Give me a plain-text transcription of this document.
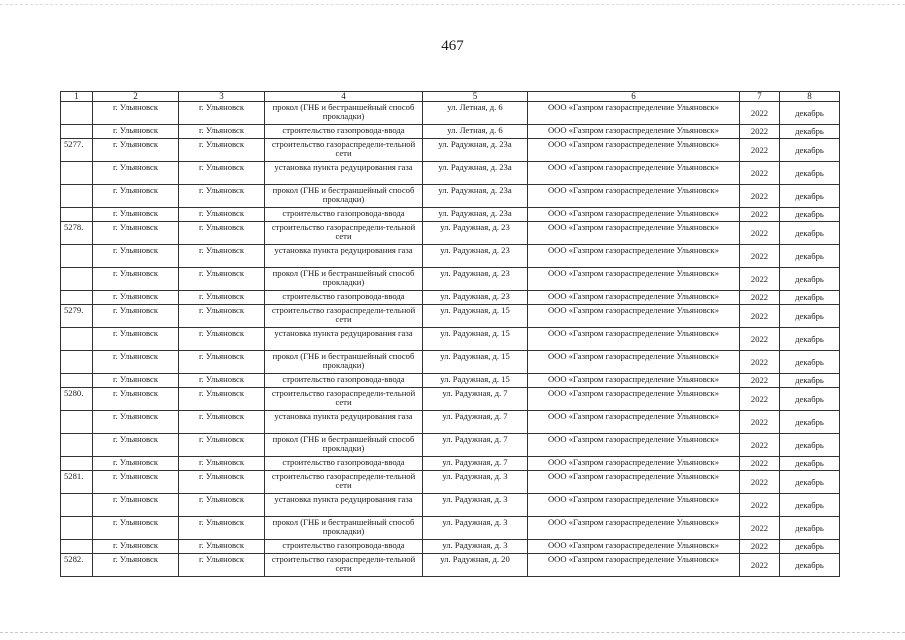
467
1	2	3	4	5	6	7	8
	г. Ульяновск	г. Ульяновск	прокол (ГНБ и бестраншейный способ прокладки)	ул. Летная, д. 6	ООО «Газпром газораспределение Ульяновск»	2022	декабрь
	г. Ульяновск	г. Ульяновск	строительство газопровода-ввода	ул. Летная, д. 6	ООО «Газпром газораспределение Ульяновск»	2022	декабрь
5277.	г. Ульяновск	г. Ульяновск	строительство газораспредели-тельной сети	ул. Радужная, д. 23а	ООО «Газпром газораспределение Ульяновск»	2022	декабрь
	г. Ульяновск	г. Ульяновск	установка пункта редуцирования газа	ул. Радужная, д. 23а	ООО «Газпром газораспределение Ульяновск»	2022	декабрь
	г. Ульяновск	г. Ульяновск	прокол (ГНБ и бестраншейный способ прокладки)	ул. Радужная, д. 23а	ООО «Газпром газораспределение Ульяновск»	2022	декабрь
	г. Ульяновск	г. Ульяновск	строительство газопровода-ввода	ул. Радужная, д. 23а	ООО «Газпром газораспределение Ульяновск»	2022	декабрь
5278.	г. Ульяновск	г. Ульяновск	строительство газораспредели-тельной сети	ул. Радужная, д. 23	ООО «Газпром газораспределение Ульяновск»	2022	декабрь
	г. Ульяновск	г. Ульяновск	установка пункта редуцирования газа	ул. Радужная, д. 23	ООО «Газпром газораспределение Ульяновск»	2022	декабрь
	г. Ульяновск	г. Ульяновск	прокол (ГНБ и бестраншейный способ прокладки)	ул. Радужная, д. 23	ООО «Газпром газораспределение Ульяновск»	2022	декабрь
	г. Ульяновск	г. Ульяновск	строительство газопровода-ввода	ул. Радужная, д. 23	ООО «Газпром газораспределение Ульяновск»	2022	декабрь
5279.	г. Ульяновск	г. Ульяновск	строительство газораспредели-тельной сети	ул. Радужная, д. 15	ООО «Газпром газораспределение Ульяновск»	2022	декабрь
	г. Ульяновск	г. Ульяновск	установка пункта редуцирования газа	ул. Радужная, д. 15	ООО «Газпром газораспределение Ульяновск»	2022	декабрь
	г. Ульяновск	г. Ульяновск	прокол (ГНБ и бестраншейный способ прокладки)	ул. Радужная, д. 15	ООО «Газпром газораспределение Ульяновск»	2022	декабрь
	г. Ульяновск	г. Ульяновск	строительство газопровода-ввода	ул. Радужная, д. 15	ООО «Газпром газораспределение Ульяновск»	2022	декабрь
5280.	г. Ульяновск	г. Ульяновск	строительство газораспредели-тельной сети	ул. Радужная, д. 7	ООО «Газпром газораспределение Ульяновск»	2022	декабрь
	г. Ульяновск	г. Ульяновск	установка пункта редуцирования газа	ул. Радужная, д. 7	ООО «Газпром газораспределение Ульяновск»	2022	декабрь
	г. Ульяновск	г. Ульяновск	прокол (ГНБ и бестраншейный способ прокладки)	ул. Радужная, д. 7	ООО «Газпром газораспределение Ульяновск»	2022	декабрь
	г. Ульяновск	г. Ульяновск	строительство газопровода-ввода	ул. Радужная, д. 7	ООО «Газпром газораспределение Ульяновск»	2022	декабрь
5281.	г. Ульяновск	г. Ульяновск	строительство газораспредели-тельной сети	ул. Радужная, д. 3	ООО «Газпром газораспределение Ульяновск»	2022	декабрь
	г. Ульяновск	г. Ульяновск	установка пункта редуцирования газа	ул. Радужная, д. 3	ООО «Газпром газораспределение Ульяновск»	2022	декабрь
	г. Ульяновск	г. Ульяновск	прокол (ГНБ и бестраншейный способ прокладки)	ул. Радужная, д. 3	ООО «Газпром газораспределение Ульяновск»	2022	декабрь
	г. Ульяновск	г. Ульяновск	строительство газопровода-ввода	ул. Радужная, д. 3	ООО «Газпром газораспределение Ульяновск»	2022	декабрь
5282.	г. Ульяновск	г. Ульяновск	строительство газораспредели-тельной сети	ул. Радужная, д. 20	ООО «Газпром газораспределение Ульяновск»	2022	декабрь
